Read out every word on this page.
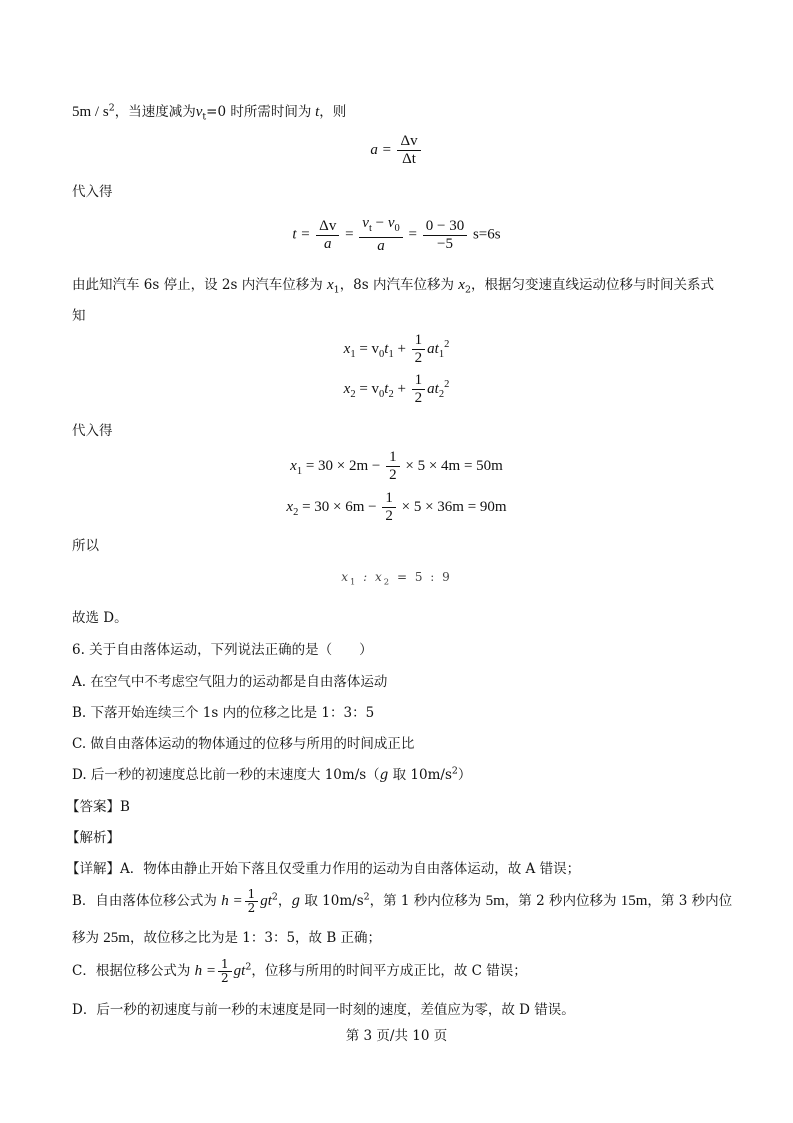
$5m / s^2$，当速度减为$v_t=0$ 时所需时间为 t，则
$a = \frac{\Delta v}{\Delta t}$
代入得
$t = \frac{\Delta v}{a} = \frac{v_t - v_0}{a} = \frac{0 - 30}{-5} s=6s$
由此知汽车 6s 停止，设 2s 内汽车位移为 $x_1$，8s 内汽车位移为 $x_2$，根据匀变速直线运动位移与时间关系式
知
$x_1 = v_0t_1 + \frac{1}{2} at_1^2$
$x_2 = v_0t_2 + \frac{1}{2} at_2^2$
代入得
$x_1 = 30 \times 2m - \frac{1}{2} \times 5 \times 4m = 50m$
$x_2 = 30 \times 6m - \frac{1}{2} \times 5 \times 36m = 90m$
所以
$x_1$ : $x_2 = 5$ : 9
故选 D。
6. 关于自由落体运动，下列说法正确的是（　　）
A. 在空气中不考虑空气阻力的运动都是自由落体运动
B. 下落开始连续三个 1s 内的位移之比是 1：3：5
C. 做自由落体运动的物体通过的位移与所用的时间成正比
D. 后一秒的初速度总比前一秒的末速度大 10m/s（g 取 $10m/s^2$）
【答案】B
【解析】
【详解】A．物体由静止开始下落且仅受重力作用的运动为自由落体运动，故 A 错误；
B．自由落体位移公式为 $h = \frac{1}{2} gt^2$，g 取 $10m/s^2$，第 1 秒内位移为 5m，第 2 秒内位移为 15m，第 3 秒内位
移为 25m，故位移之比为是 1：3：5，故 B 正确；
C．根据位移公式为 $h = \frac{1}{2} gt^2$，位移与所用的时间平方成正比，故 C 错误；
D．后一秒的初速度与前一秒的末速度是同一时刻的速度，差值应为零，故 D 错误。
第 3 页/共 10 页
